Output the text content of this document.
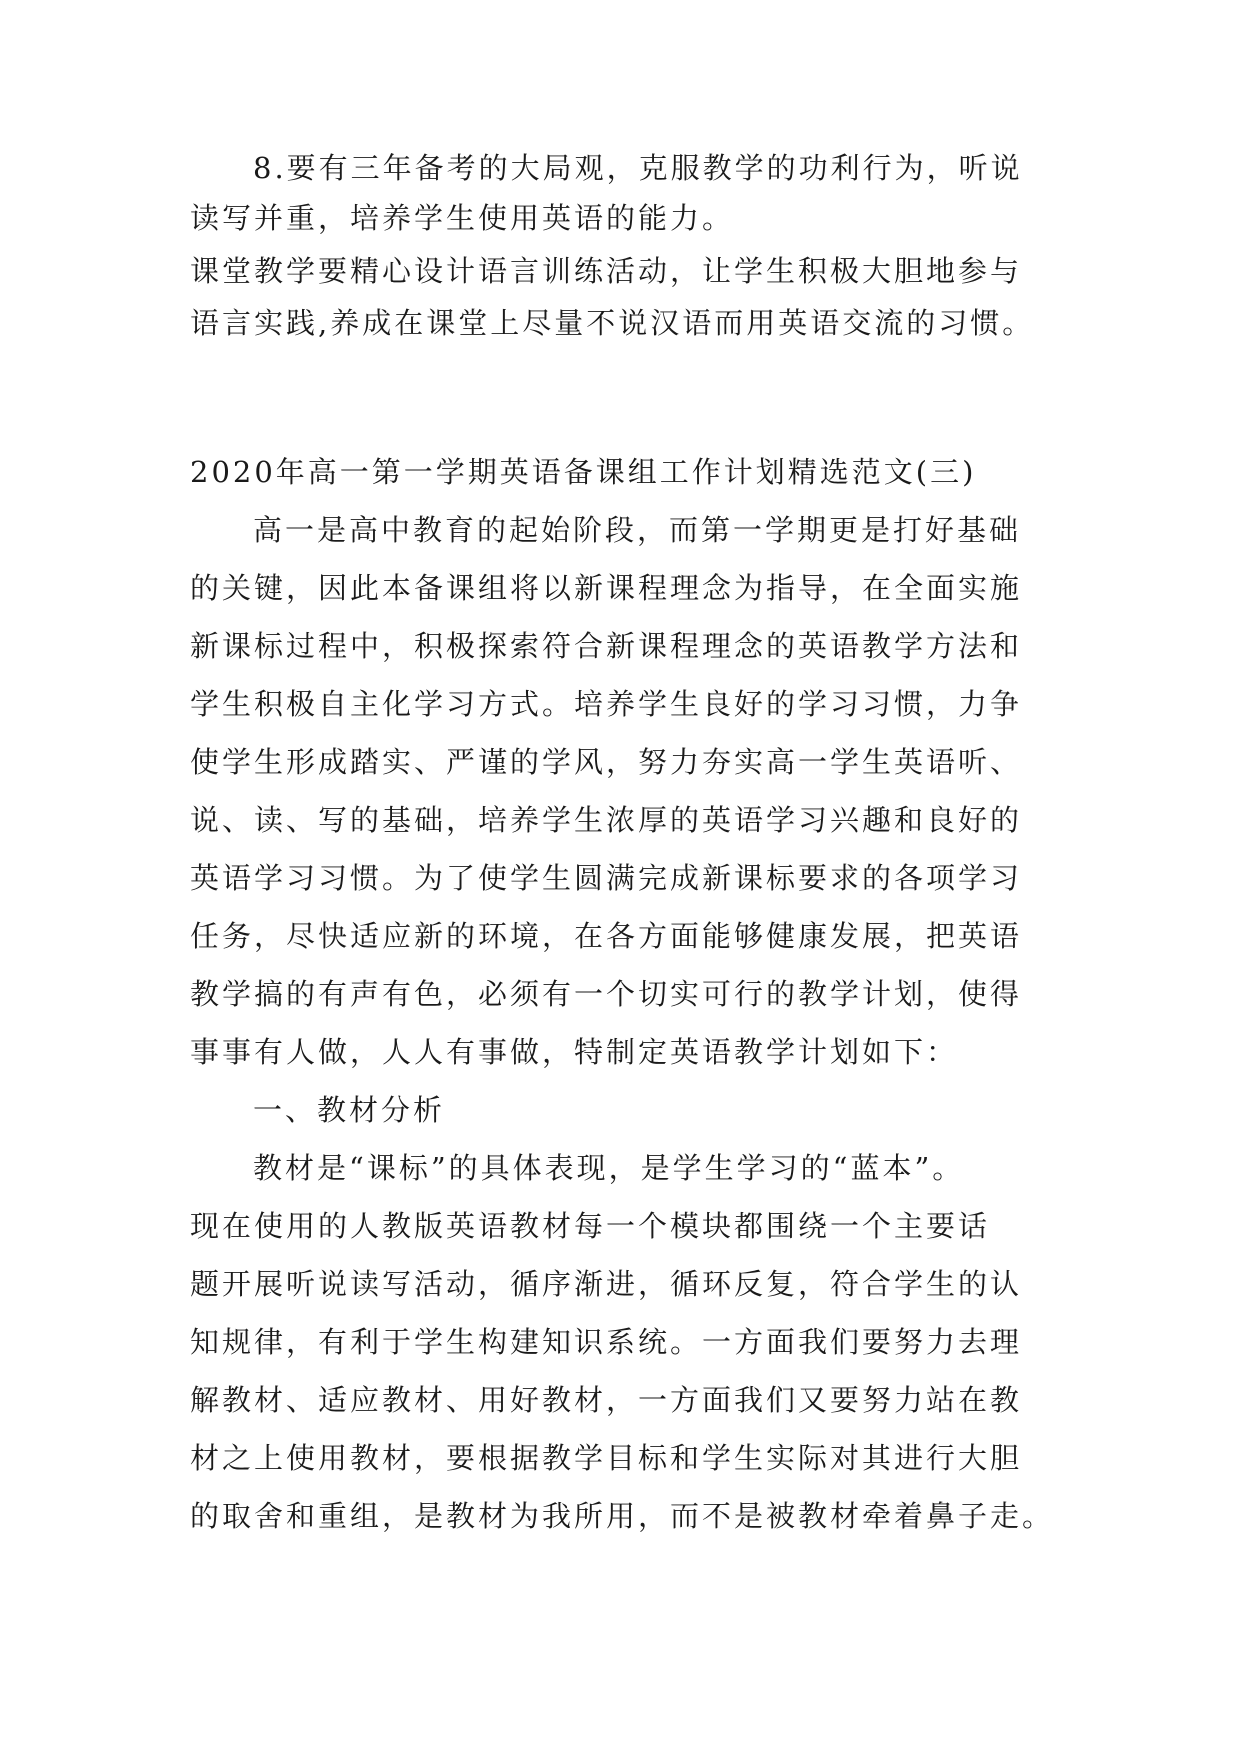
8.要有三年备考的大局观，克服教学的功利行为，听说
读写并重，培养学生使用英语的能力。
课堂教学要精心设计语言训练活动，让学生积极大胆地参与
语言实践,养成在课堂上尽量不说汉语而用英语交流的习惯。
2020年高一第一学期英语备课组工作计划精选范文(三)
高一是高中教育的起始阶段，而第一学期更是打好基础
的关键，因此本备课组将以新课程理念为指导，在全面实施
新课标过程中，积极探索符合新课程理念的英语教学方法和
学生积极自主化学习方式。培养学生良好的学习习惯，力争
使学生形成踏实、严谨的学风，努力夯实高一学生英语听、
说、读、写的基础，培养学生浓厚的英语学习兴趣和良好的
英语学习习惯。为了使学生圆满完成新课标要求的各项学习
任务，尽快适应新的环境，在各方面能够健康发展，把英语
教学搞的有声有色，必须有一个切实可行的教学计划，使得
事事有人做，人人有事做，特制定英语教学计划如下：
一、教材分析
教材是“课标”的具体表现，是学生学习的“蓝本”。
现在使用的人教版英语教材每一个模块都围绕一个主要话
题开展听说读写活动，循序渐进，循环反复，符合学生的认
知规律，有利于学生构建知识系统。一方面我们要努力去理
解教材、适应教材、用好教材，一方面我们又要努力站在教
材之上使用教材，要根据教学目标和学生实际对其进行大胆
的取舍和重组，是教材为我所用，而不是被教材牵着鼻子走。
